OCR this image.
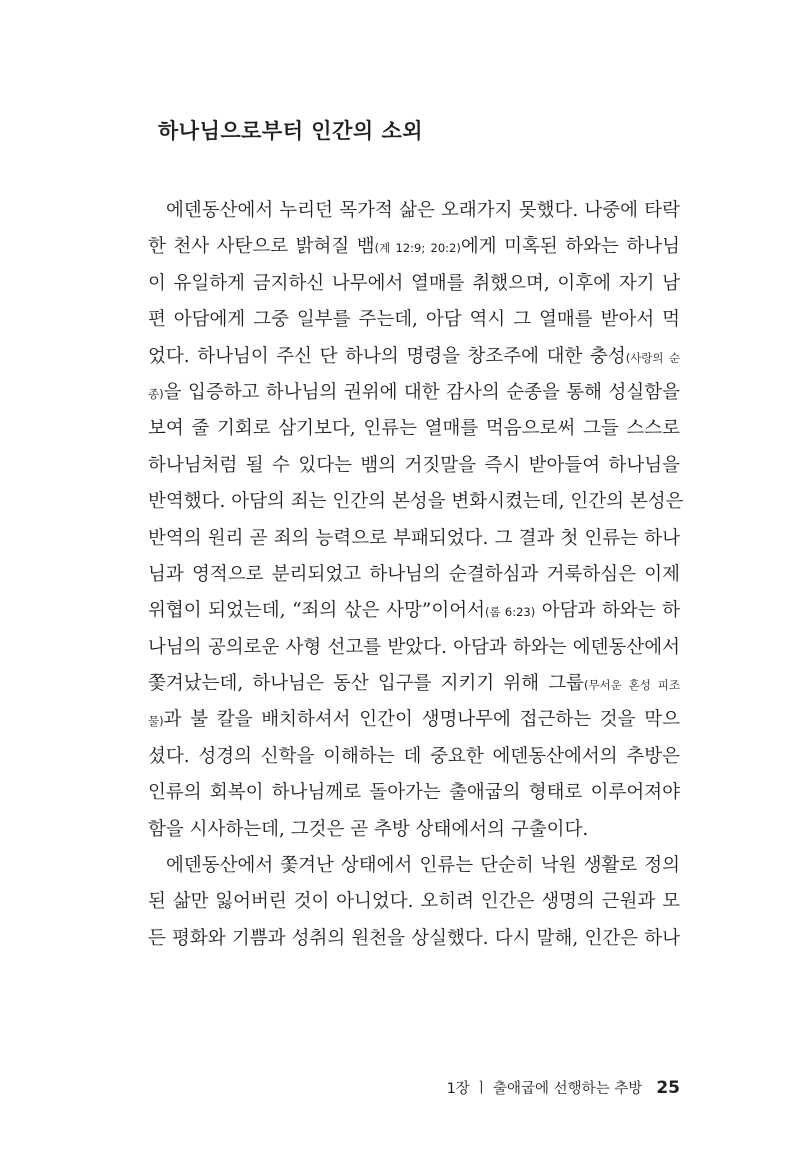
하나님으로부터 인간의 소외
에덴동산에서 누리던 목가적 삶은 오래가지 못했다. 나중에 타락
한 천사 사탄으로 밝혀질 뱀(계 12:9; 20:2)에게 미혹된 하와는 하나님
이 유일하게 금지하신 나무에서 열매를 취했으며, 이후에 자기 남
편 아담에게 그중 일부를 주는데, 아담 역시 그 열매를 받아서 먹
었다. 하나님이 주신 단 하나의 명령을 창조주에 대한 충성(사랑의 순
종)을 입증하고 하나님의 권위에 대한 감사의 순종을 통해 성실함을
보여 줄 기회로 삼기보다, 인류는 열매를 먹음으로써 그들 스스로
하나님처럼 될 수 있다는 뱀의 거짓말을 즉시 받아들여 하나님을
반역했다. 아담의 죄는 인간의 본성을 변화시켰는데, 인간의 본성은
반역의 원리 곧 죄의 능력으로 부패되었다. 그 결과 첫 인류는 하나
님과 영적으로 분리되었고 하나님의 순결하심과 거룩하심은 이제
위협이 되었는데, “죄의 삯은 사망”이어서(롬 6:23) 아담과 하와는 하
나님의 공의로운 사형 선고를 받았다. 아담과 하와는 에덴동산에서
쫓겨났는데, 하나님은 동산 입구를 지키기 위해 그룹(무서운 혼성 피조
물)과 불 칼을 배치하셔서 인간이 생명나무에 접근하는 것을 막으
셨다. 성경의 신학을 이해하는 데 중요한 에덴동산에서의 추방은
인류의 회복이 하나님께로 돌아가는 출애굽의 형태로 이루어져야
함을 시사하는데, 그것은 곧 추방 상태에서의 구출이다.
에덴동산에서 쫓겨난 상태에서 인류는 단순히 낙원 생활로 정의
된 삶만 잃어버린 것이 아니었다. 오히려 인간은 생명의 근원과 모
든 평화와 기쁨과 성취의 원천을 상실했다. 다시 말해, 인간은 하나
1장 ㅣ 출애굽에 선행하는 추방 25
